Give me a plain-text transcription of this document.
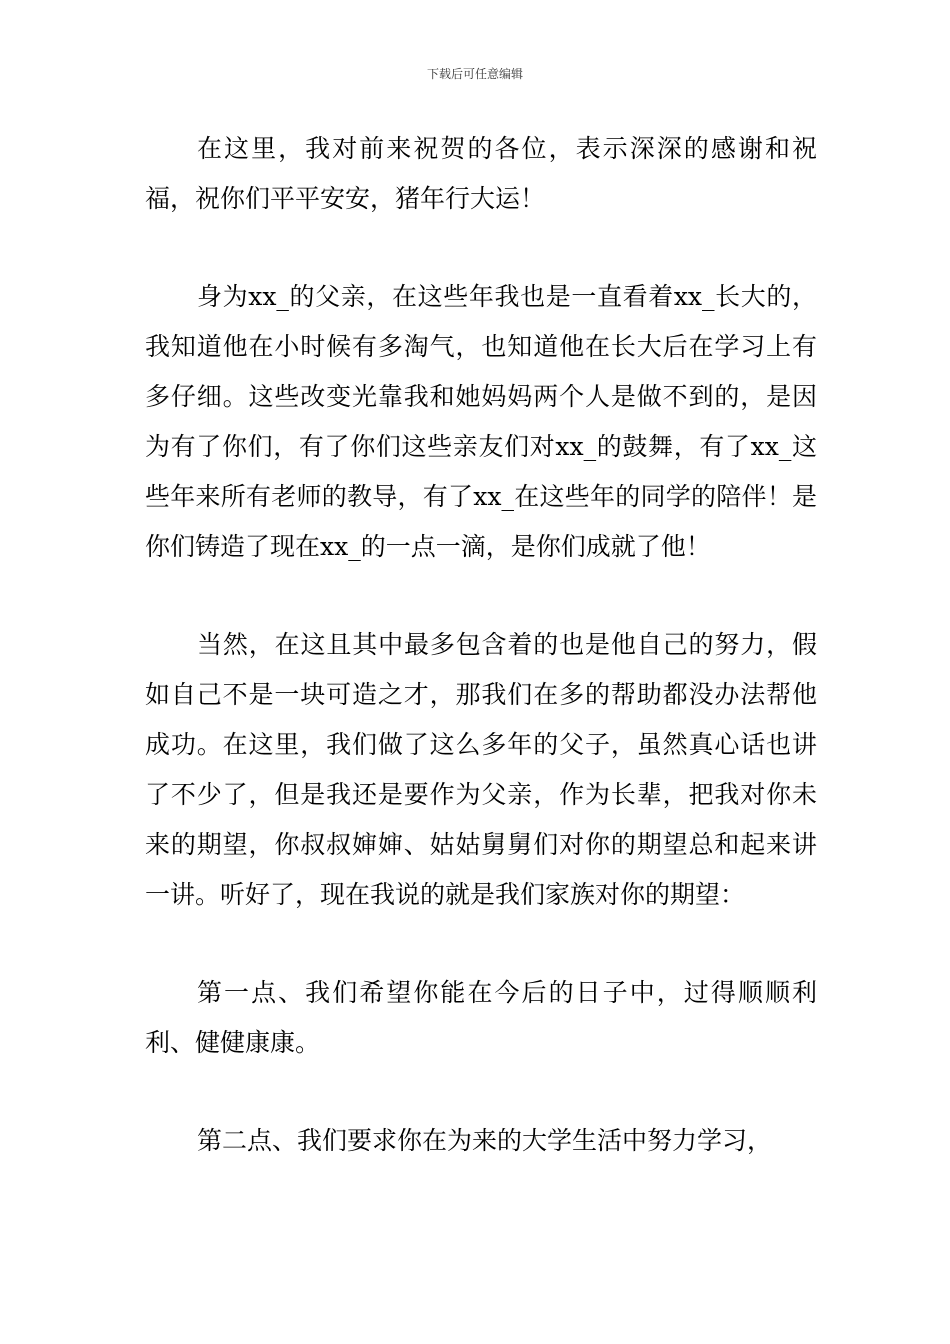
下载后可任意编辑

在这里，我对前来祝贺的各位，表示深深的感谢和祝福，祝你们平平安安，猪年行大运！

身为xx_的父亲，在这些年我也是一直看着xx_长大的，我知道他在小时候有多淘气，也知道他在长大后在学习上有多仔细。这些改变光靠我和她妈妈两个人是做不到的，是因为有了你们，有了你们这些亲友们对xx_的鼓舞，有了xx_这些年来所有老师的教导，有了xx_在这些年的同学的陪伴！是你们铸造了现在xx_的一点一滴，是你们成就了他！

当然，在这且其中最多包含着的也是他自己的努力，假如自己不是一块可造之才，那我们在多的帮助都没办法帮他成功。在这里，我们做了这么多年的父子，虽然真心话也讲了不少了，但是我还是要作为父亲，作为长辈，把我对你未来的期望，你叔叔婶婶、姑姑舅舅们对你的期望总和起来讲一讲。听好了，现在我说的就是我们家族对你的期望：

第一点、我们希望你能在今后的日子中，过得顺顺利利、健健康康。

第二点、我们要求你在为来的大学生活中努力学习，
